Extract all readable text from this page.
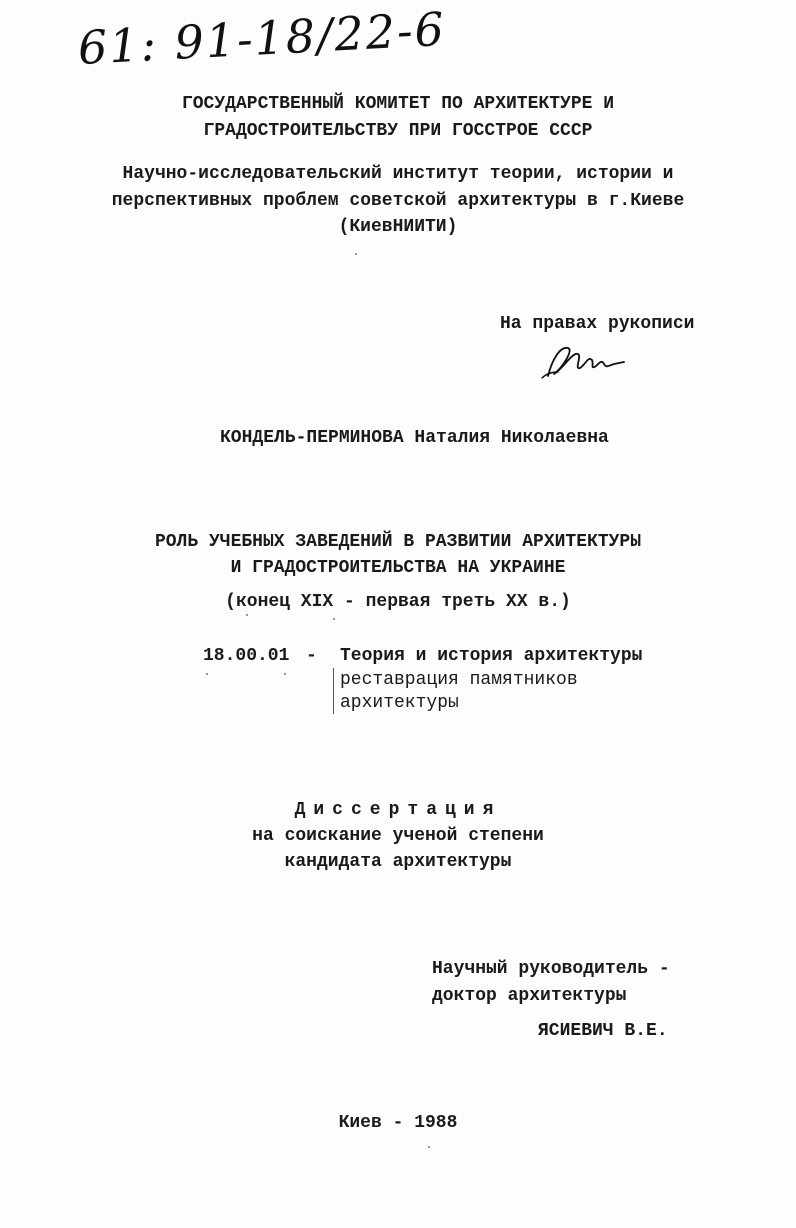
61: 91-18/22-6
ГОСУДАРСТВЕННЫЙ КОМИТЕТ ПО АРХИТЕКТУРЕ И
ГРАДОСТРОИТЕЛЬСТВУ ПРИ ГОССТРОЕ СССР
Научно-исследовательский институт теории, истории и
перспективных проблем советской архитектуры в г.Киеве
(КиевНИИТИ)
На правах рукописи
КОНДЕЛЬ-ПЕРМИНОВА Наталия Николаевна
РОЛЬ УЧЕБНЫХ ЗАВЕДЕНИЙ В РАЗВИТИИ АРХИТЕКТУРЫ
И ГРАДОСТРОИТЕЛЬСТВА НА УКРАИНЕ
(конец XIX - первая треть XX в.)
18.00.01 - Теория и история архитектуры
реставрация памятников
архитектуры
Диссертация
на соискание ученой степени
кандидата архитектуры
Научный руководитель -
доктор архитектуры
ЯСИЕВИЧ В.Е.
Киев - 1988
